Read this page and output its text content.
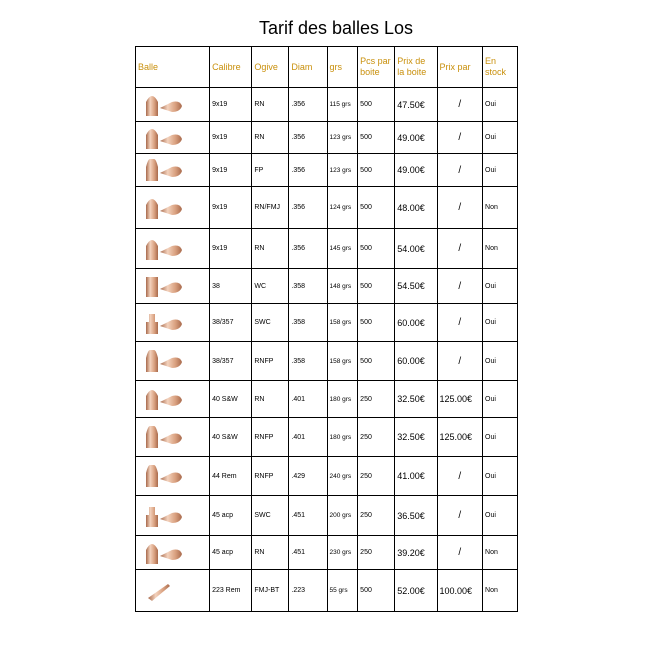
Tarif des balles Los
Balle	Calibre	Ogive	Diam	grs	Pcs par boite	Prix de la boite	Prix par	En stock

	9x19	RN	.356	115 grs	500	47.50€	/	Oui

	9x19	RN	.356	123 grs	500	49.00€	/	Oui

	9x19	FP	.356	123 grs	500	49.00€	/	Oui

	9x19	RN/FMJ	.356	124 grs	500	48.00€	/	Non

	9x19	RN	.356	145 grs	500	54.00€	/	Non

	38	WC	.358	148 grs	500	54.50€	/	Oui

	38/357	SWC	.358	158 grs	500	60.00€	/	Oui

	38/357	RNFP	.358	158 grs	500	60.00€	/	Oui

	40 S&W	RN	.401	180 grs	250	32.50€	125.00€	Oui

	40 S&W	RNFP	.401	180 grs	250	32.50€	125.00€	Oui

	44 Rem	RNFP	.429	240 grs	250	41.00€	/	Oui

	45 acp	SWC	.451	200 grs	250	36.50€	/	Oui

	45 acp	RN	.451	230 grs	250	39.20€	/	Non

	223 Rem	FMJ-BT	.223	55 grs	500	52.00€	100.00€	Non
